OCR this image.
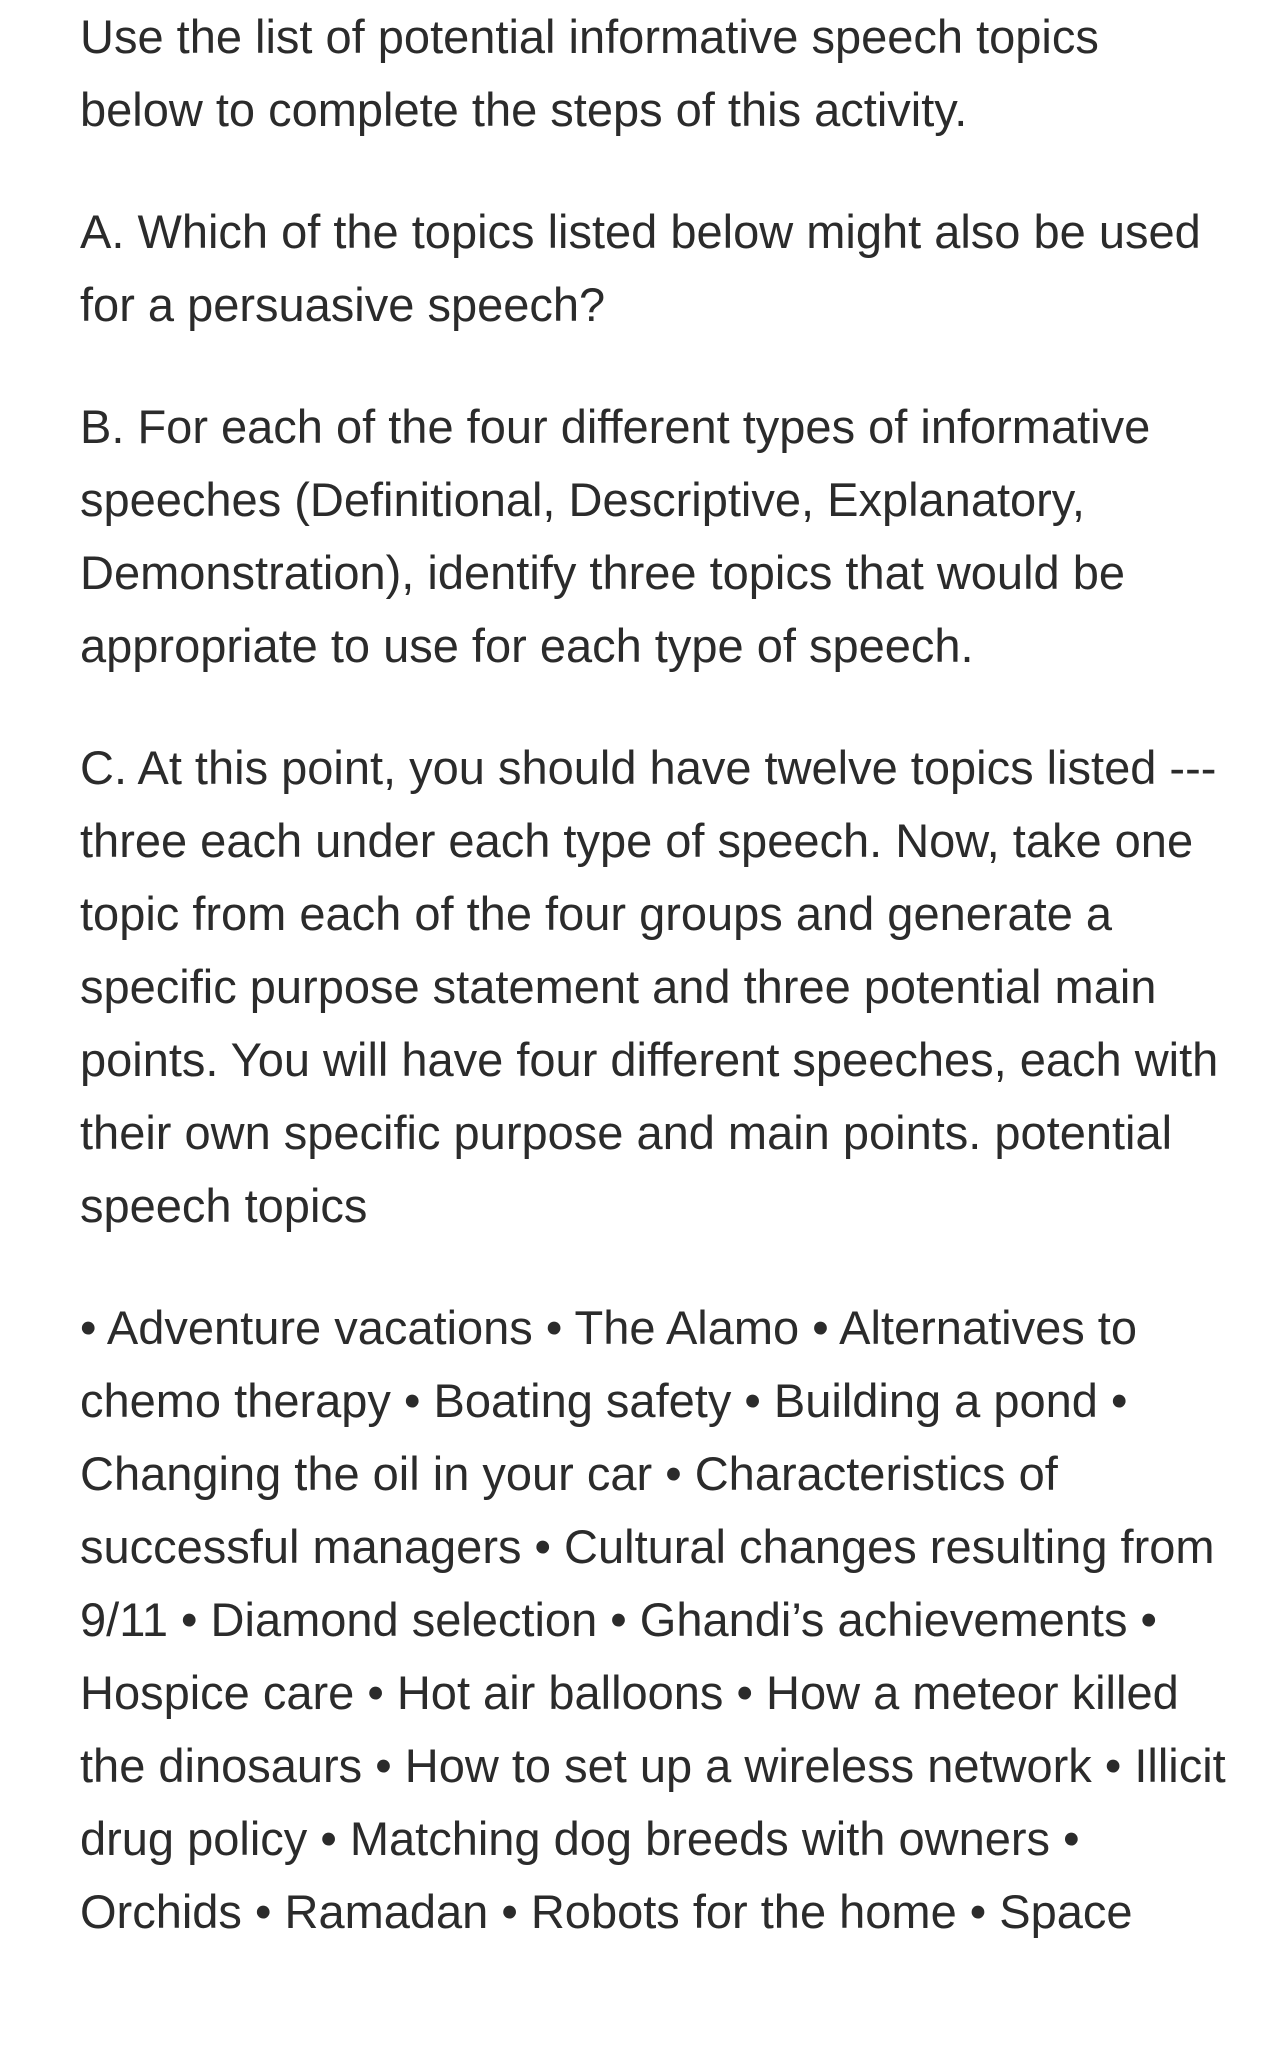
Use the list of potential informative speech topics below to complete the steps of this activity.

A. Which of the topics listed below might also be used for a persuasive speech?

B. For each of the four different types of informative speeches (Definitional, Descriptive, Explanatory, Demonstration), identify three topics that would be appropriate to use for each type of speech.

C. At this point, you should have twelve topics listed --- three each under each type of speech. Now, take one topic from each of the four groups and generate a specific purpose statement and three potential main points. You will have four different speeches, each with their own specific purpose and main points. potential speech topics

• Adventure vacations • The Alamo • Alternatives to chemo therapy • Boating safety • Building a pond • Changing the oil in your car • Characteristics of successful managers • Cultural changes resulting from 9/11 • Diamond selection • Ghandi’s achievements • Hospice care • Hot air balloons • How a meteor killed the dinosaurs • How to set up a wireless network • Illicit drug policy • Matching dog breeds with owners • Orchids • Ramadan • Robots for the home • Space
